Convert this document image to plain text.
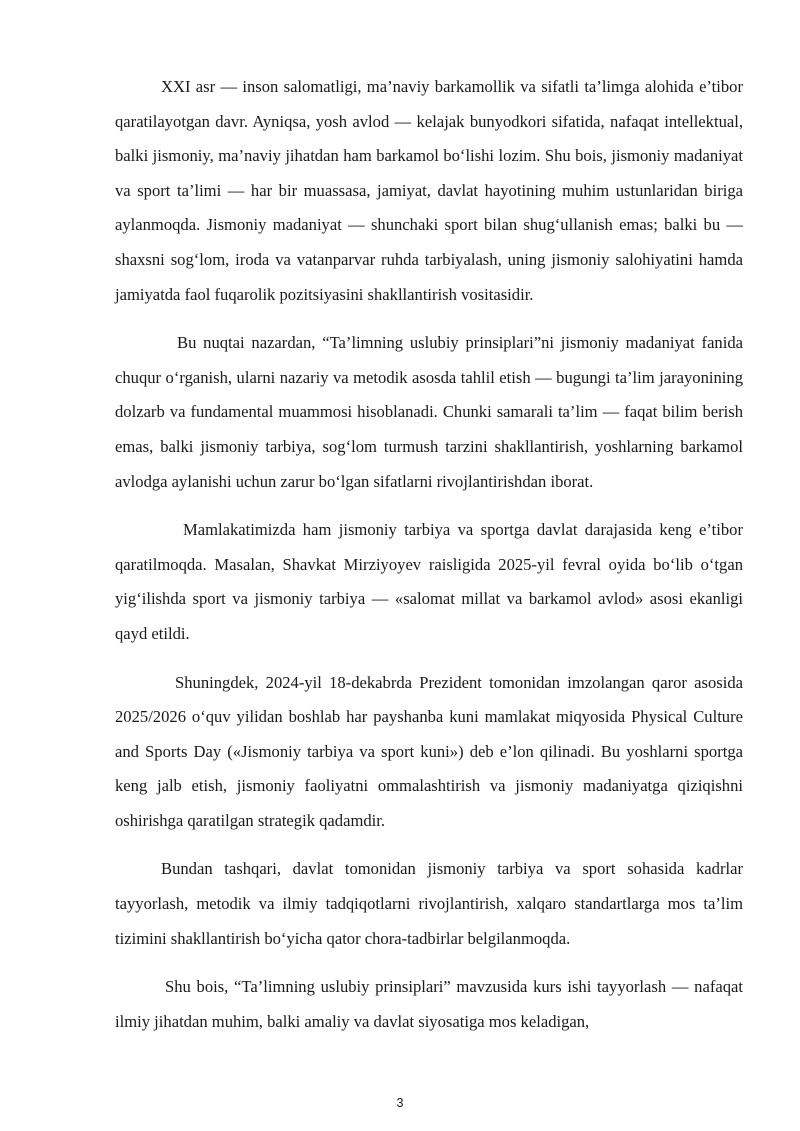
XXI asr — inson salomatligi, ma’naviy barkamollik va sifatli ta’limga alohida e’tibor qaratilayotgan davr. Ayniqsa, yosh avlod — kelajak bunyodkori sifatida, nafaqat intellektual, balki jismoniy, ma’naviy jihatdan ham barkamol bo‘lishi lozim. Shu bois, jismoniy madaniyat va sport ta’limi — har bir muassasa, jamiyat, davlat hayotining muhim ustunlaridan biriga aylanmoqda. Jismoniy madaniyat — shunchaki sport bilan shug‘ullanish emas; balki bu — shaxsni sog‘lom, iroda va vatanparvar ruhda tarbiyalash, uning jismoniy salohiyatini hamda jamiyatda faol fuqarolik pozitsiyasini shakllantirish vositasidir.

Bu nuqtai nazardan, “Ta’limning uslubiy prinsiplari”ni jismoniy madaniyat fanida chuqur o‘rganish, ularni nazariy va metodik asosda tahlil etish — bugungi ta’lim jarayonining dolzarb va fundamental muammosi hisoblanadi. Chunki samarali ta’lim — faqat bilim berish emas, balki jismoniy tarbiya, sog‘lom turmush tarzini shakllantirish, yoshlarning barkamol avlodga aylanishi uchun zarur bo‘lgan sifatlarni rivojlantirishdan iborat.

Mamlakatimizda ham jismoniy tarbiya va sportga davlat darajasida keng e’tibor qaratilmoqda. Masalan, Shavkat Mirziyoyev raisligida 2025-yil fevral oyida bo‘lib o‘tgan yig‘ilishda sport va jismoniy tarbiya — «salomat millat va barkamol avlod» asosi ekanligi qayd etildi.

Shuningdek, 2024-yil 18-dekabrda Prezident tomonidan imzolangan qaror asosida 2025/2026 o‘quv yilidan boshlab har payshanba kuni mamlakat miqyosida Physical Culture and Sports Day («Jismoniy tarbiya va sport kuni») deb e’lon qilinadi. Bu yoshlarni sportga keng jalb etish, jismoniy faoliyatni ommalashtirish va jismoniy madaniyatga qiziqishni oshirishga qaratilgan strategik qadamdir.

Bundan tashqari, davlat tomonidan jismoniy tarbiya va sport sohasida kadrlar tayyorlash, metodik va ilmiy tadqiqotlarni rivojlantirish, xalqaro standartlarga mos ta’lim tizimini shakllantirish bo‘yicha qator chora-tadbirlar belgilanmoqda.

Shu bois, “Ta’limning uslubiy prinsiplari” mavzusida kurs ishi tayyorlash — nafaqat ilmiy jihatdan muhim, balki amaliy va davlat siyosatiga mos keladigan,

3
